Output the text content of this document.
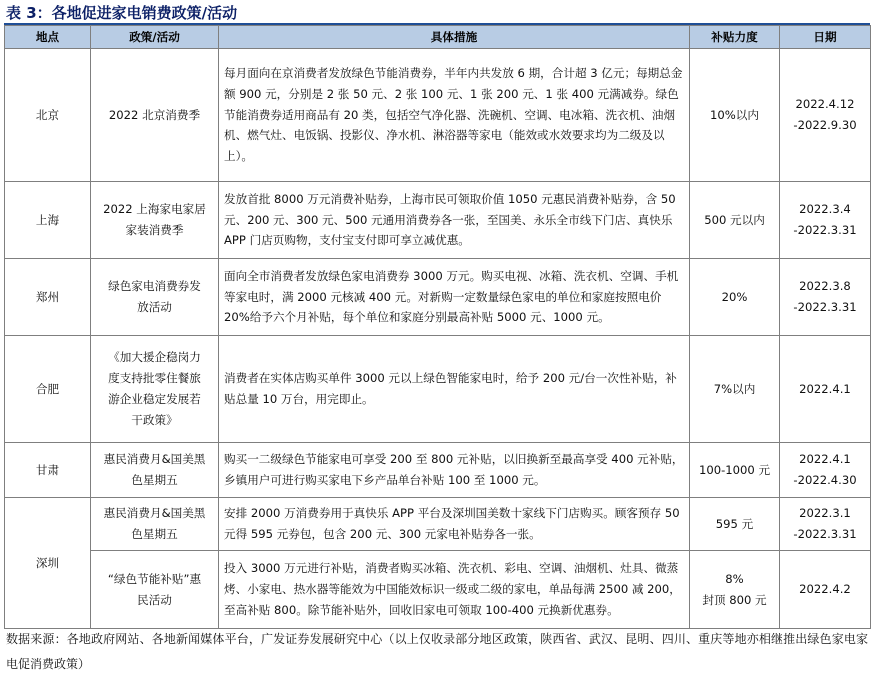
表 3：各地促进家电销费政策/活动
地点	政策/活动	具体措施	补贴力度	日期
北京	2022 北京消费季	每月面向在京消费者发放绿色节能消费券，半年内共发放 6 期，合计超 3 亿元；每期总金额 900 元，分别是 2 张 50 元、2 张 100 元、1 张 200 元、1 张 400 元满减券。绿色节能消费券适用商品有 20 类，包括空气净化器、洗碗机、空调、电冰箱、洗衣机、油烟机、燃气灶、电饭锅、投影仪、净水机、淋浴器等家电（能效或水效要求均为二级及以上）。	10%以内	2022.4.12
-2022.9.30
上海	2022 上海家电家居家装消费季	发放首批 8000 万元消费补贴券，上海市民可领取价值 1050 元惠民消费补贴券，含 50 元、200 元、300 元、500 元通用消费券各一张，至国美、永乐全市线下门店、真快乐 APP 门店页购物，支付宝支付即可享立减优惠。	500 元以内	2022.3.4
-2022.3.31
郑州	绿色家电消费券发放活动	面向全市消费者发放绿色家电消费券 3000 万元。购买电视、冰箱、洗衣机、空调、手机等家电时，满 2000 元核减 400 元。对新购一定数量绿色家电的单位和家庭按照电价 20%给予六个月补贴，每个单位和家庭分别最高补贴 5000 元、1000 元。	20%	2022.3.8
-2022.3.31
合肥	《加大援企稳岗力度支持批零住餐旅游企业稳定发展若干政策》	消费者在实体店购买单件 3000 元以上绿色智能家电时，给予 200 元/台一次性补贴，补贴总量 10 万台，用完即止。	7%以内	2022.4.1
甘肃	惠民消费月&国美黑色星期五	购买一二级绿色节能家电可享受 200 至 800 元补贴，以旧换新至最高享受 400 元补贴，乡镇用户可进行购买家电下乡产品单台补贴 100 至 1000 元。	100-1000 元	2022.4.1
-2022.4.30
深圳	惠民消费月&国美黑色星期五	安排 2000 万消费券用于真快乐 APP 平台及深圳国美数十家线下门店购买。顾客预存 50 元得 595 元券包，包含 200 元、300 元家电补贴券各一张。	595 元	2022.3.1
-2022.3.31
	“绿色节能补贴”惠民活动	投入 3000 万元进行补贴，消费者购买冰箱、洗衣机、彩电、空调、油烟机、灶具、微蒸烤、小家电、热水器等能效为中国能效标识一级或二级的家电，单品每满 2500 减 200，至高补贴 800。除节能补贴外，回收旧家电可领取 100-400 元换新优惠券。	8%
封顶 800 元	2022.4.2
数据来源：各地政府网站、各地新闻媒体平台，广发证券发展研究中心（以上仅收录部分地区政策，陕西省、武汉、昆明、四川、重庆等地亦相继推出绿色家电家电促消费政策）
